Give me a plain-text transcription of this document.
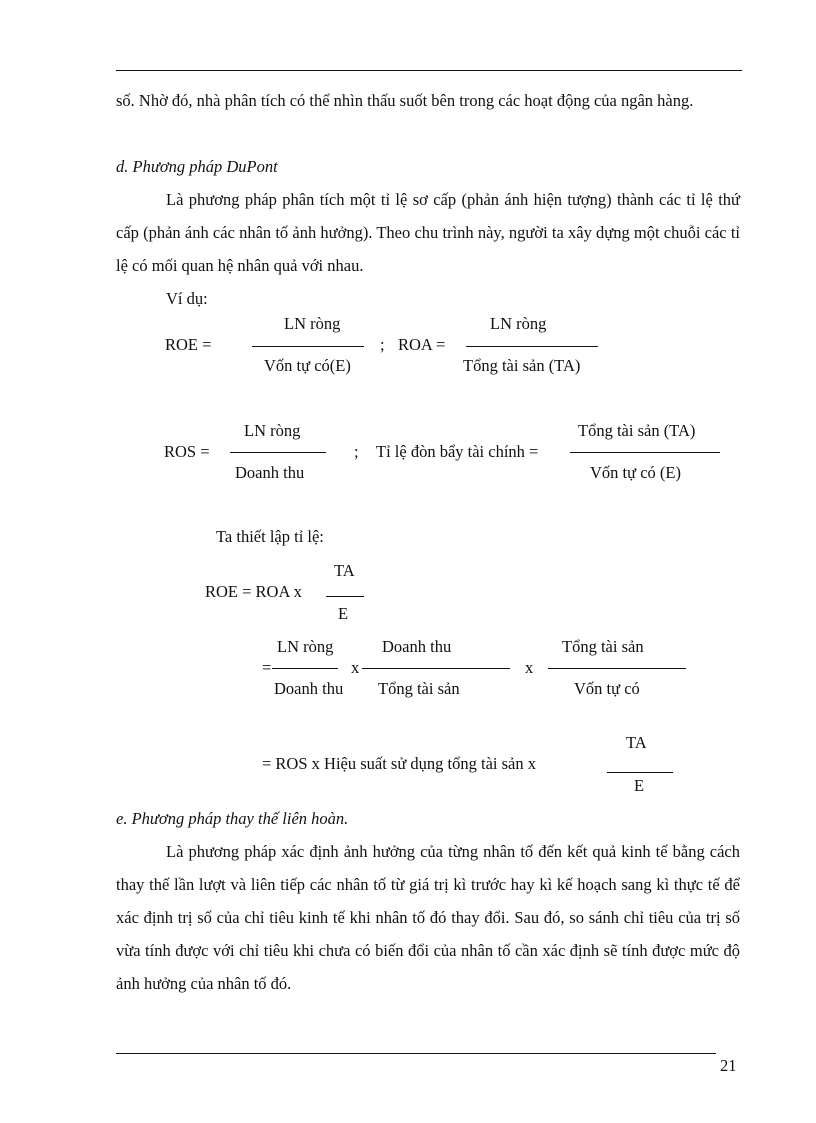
số. Nhờ đó, nhà phân tích có thể nhìn thấu suốt bên trong các hoạt động của ngân hàng.
d. Phương pháp DuPont
Là phương pháp phân tích một tỉ lệ sơ cấp (phản ánh hiện tượng) thành các tỉ lệ thứ cấp (phản ánh các nhân tố ảnh hưởng). Theo chu trình này, người ta xây dựng một chuỗi các tỉ lệ có mối quan hệ nhân quả với nhau.
Ví dụ:
ROE =
LN ròng
Vốn tự có(E)
; ROA =
LN ròng
Tổng tài sản (TA)
ROS =
LN ròng
Doanh thu
; Tỉ lệ đòn bẩy tài chính =
Tổng tài sản (TA)
Vốn tự có (E)
Ta thiết lập tỉ lệ:
ROE = ROA x
TA
E
=
LN ròng
Doanh thu
x
Doanh thu
Tổng tài sản
x
Tổng tài sản
Vốn tự có
= ROS x Hiệu suất sử dụng tổng tài sản x
TA
E
e. Phương pháp thay thế liên hoàn.
Là phương pháp xác định ảnh hưởng của từng nhân tố đến kết quả kinh tế bằng cách thay thế lần lượt và liên tiếp các nhân tố từ giá trị kì trước hay kì kế hoạch sang kì thực tế để xác định trị số của chỉ tiêu kinh tế khi nhân tố đó thay đổi. Sau đó, so sánh chỉ tiêu của trị số vừa tính được với chỉ tiêu khi chưa có biến đổi của nhân tố cần xác định sẽ tính được mức độ ảnh hưởng của nhân tố đó.
21
